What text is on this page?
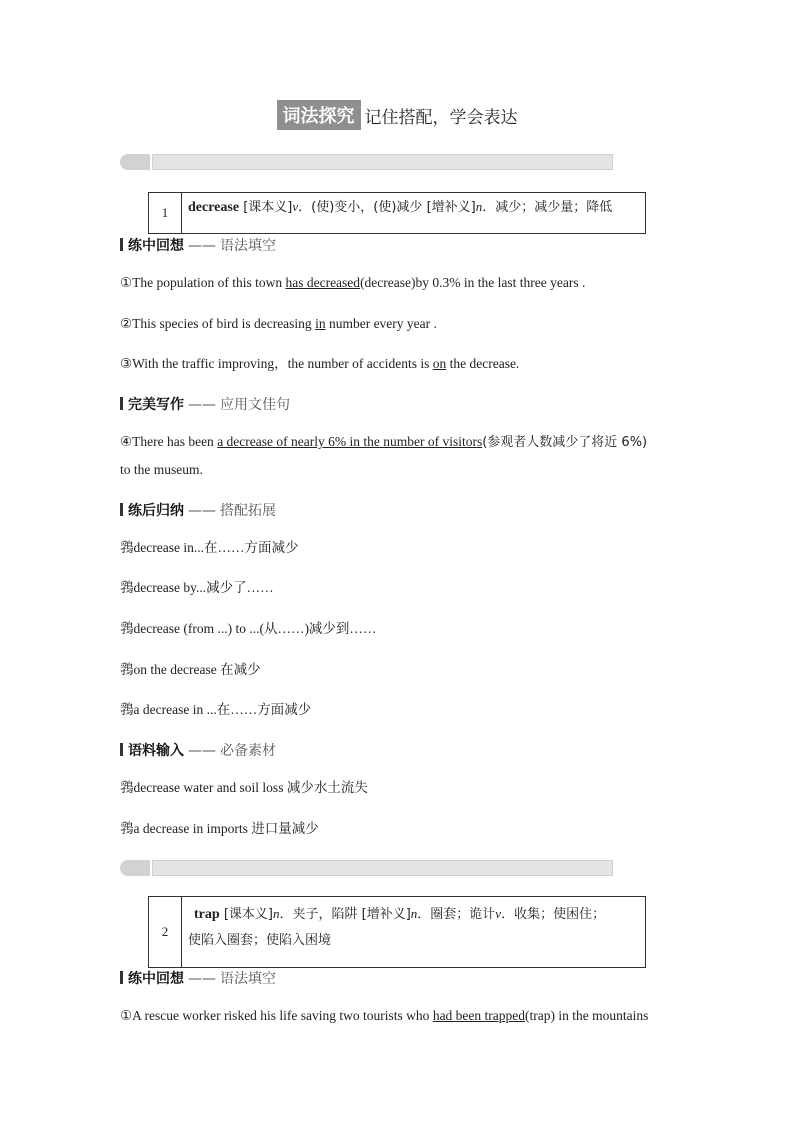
词法探究 记住搭配，学会表达
1	decrease [课本义]v．(使)变小，(使)减少 [增补义]n．减少；减少量；降低
练中回想 —— 语法填空
①The population of this town has decreased(decrease)by 0.3% in the last three years .
②This species of bird is decreasing in number every year .
③With the traffic improving，the number of accidents is on the decrease.
完美写作 —— 应用文佳句
④There has been a decrease of nearly 6% in the number of visitors(参观者人数减少了将近 6%)
to the museum.
练后归纳 —— 搭配拓展
䳕decrease in...在……方面减少
䳕decrease by...减少了……
䳕decrease (from ...) to ...(从……)减少到……
䳕on the decrease 在减少
䳕a decrease in ...在……方面减少
语料输入 —— 必备素材
䳕decrease water and soil loss 减少水土流失
䳕a decrease in imports 进口量减少
2
trap [课本义]n．夹子，陷阱 [增补义]n．圈套；诡计v．收集；使困住；
使陷入圈套；使陷入困境
练中回想 —— 语法填空
①A rescue worker risked his life saving two tourists who had been trapped(trap) in the mountains
